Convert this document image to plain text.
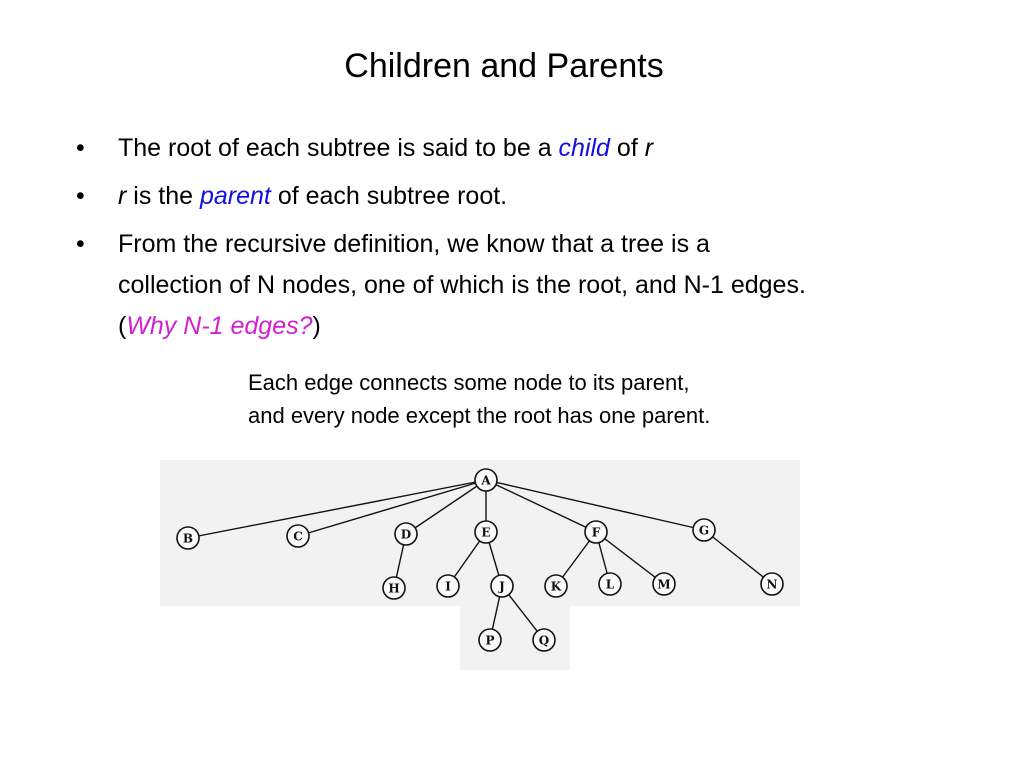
Children and Parents
• The root of each subtree is said to be a child of r
• r is the parent of each subtree root.
• From the recursive definition, we know that a tree is a
collection of N nodes, one of which is the root, and N-1 edges.
(Why N-1 edges?)
Each edge connects some node to its parent,
and every node except the root has one parent.
A
B	C	D	E	F	G
H	I	J	K	L	M	N
P	Q
